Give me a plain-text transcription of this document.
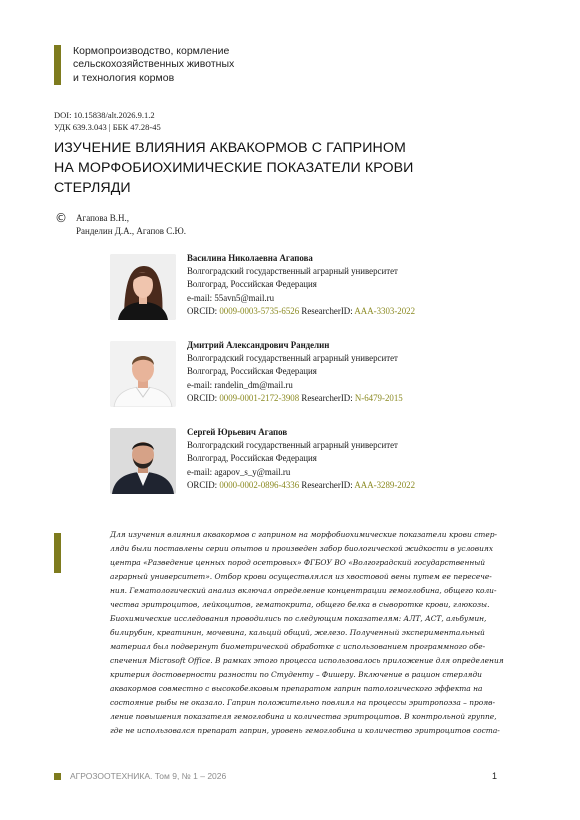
Кормопроизводство, кормление
сельскохозяйственных животных
и технология кормов
DOI: 10.15838/alt.2026.9.1.2
УДК 639.3.043 | ББК 47.28-45
ИЗУЧЕНИЕ ВЛИЯНИЯ АКВАКОРМОВ С ГАПРИНОМ
НА МОРФОБИОХИМИЧЕСКИЕ ПОКАЗАТЕЛИ КРОВИ
СТЕРЛЯДИ
© Агапова В.Н.,
Ранделин Д.А., Агапов С.Ю.
Василина Николаевна Агапова
Волгоградский государственный аграрный университет
Волгоград, Российская Федерация
e-mail: 55avn5@mail.ru
ORCID: 0009-0003-5735-6526 ResearcherID: AAA-3303-2022
Дмитрий Александрович Ранделин
Волгоградский государственный аграрный университет
Волгоград, Российская Федерация
e-mail: randelin_dm@mail.ru
ORCID: 0009-0001-2172-3908 ResearcherID: N-6479-2015
Сергей Юрьевич Агапов
Волгоградский государственный аграрный университет
Волгоград, Российская Федерация
e-mail: agapov_s_y@mail.ru
ORCID: 0000-0002-0896-4336 ResearcherID: AAA-3289-2022
Для изучения влияния аквакормов с гаприном на морфобиохимические показатели крови стер-
ляди были поставлены серии опытов и произведен забор биологической жидкости в условиях
центра «Разведение ценных пород осетровых» ФГБОУ ВО «Волгоградский государственный
аграрный университет». Отбор крови осуществлялся из хвостовой вены путем ее пересече-
ния. Гематологический анализ включал определение концентрации гемоглобина, общего коли-
чества эритроцитов, лейкоцитов, гематокрита, общего белка в сыворотке крови, глюкозы.
Биохимические исследования проводились по следующим показателям: АЛТ, АСТ, альбумин,
билирубин, креатинин, мочевина, кальций общий, железо. Полученный экспериментальный
материал был подвергнут биометрической обработке с использованием программного обе-
спечения Microsoft Office. В рамках этого процесса использовалось приложение для определения
критерия достоверности разности по Студенту – Фишеру. Включение в рацион стерляди
аквакормов совместно с высокобелковым препаратом гаприн патологического эффекта на
состояние рыбы не оказало. Гаприн положительно повлиял на процессы эритропоэза – прояв-
ление повышения показателя гемоглобина и количества эритроцитов. В контрольной группе,
где не использовался препарат гаприн, уровень гемоглобина и количество эритроцитов соста-
АГРОЗООТЕХНИКА. Том 9, № 1 – 2026	1
